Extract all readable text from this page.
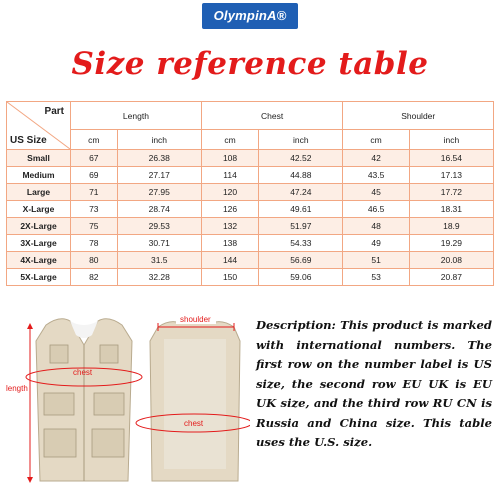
OlympinA®
Size reference table
Part
US Size	Length		Chest		Shoulder	
	cm	inch	cm	inch	cm	inch
Small	67	26.38	108	42.52	42	16.54
Medium	69	27.17	114	44.88	43.5	17.13
Large	71	27.95	120	47.24	45	17.72
X-Large	73	28.74	126	49.61	46.5	18.31
2X-Large	75	29.53	132	51.97	48	18.9
3X-Large	78	30.71	138	54.33	49	19.29
4X-Large	80	31.5	144	56.69	51	20.08
5X-Large	82	32.28	150	59.06	53	20.87
length
chest
chest
shoulder	Description: This product is marked with international numbers. The first row on the number label is US size, the second row EU UK is EU UK size, and the third row RU CN is Russia and China size. This table uses the U.S. size.
